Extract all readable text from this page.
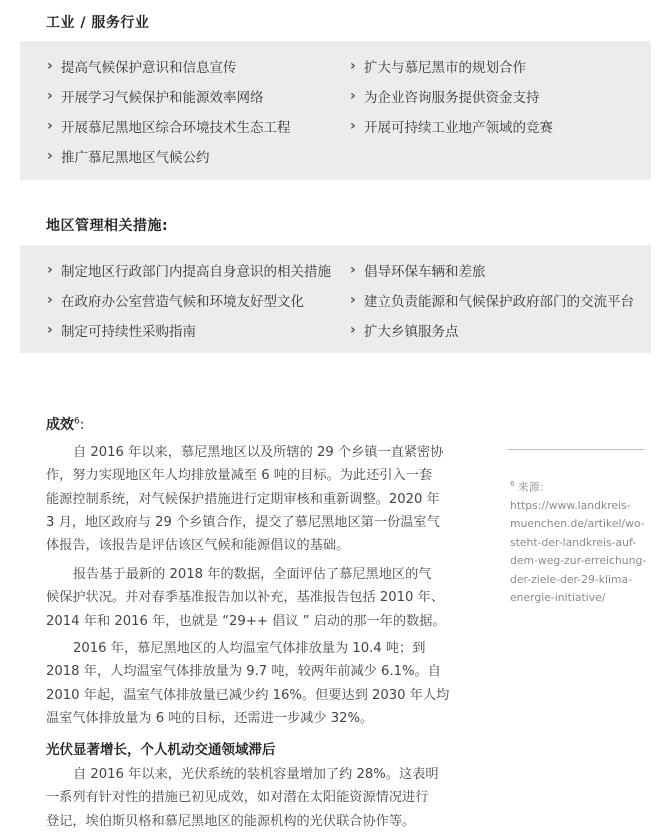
工业 / 服务行业
› 提高气候保护意识和信息宣传
› 开展学习气候保护和能源效率网络
› 开展慕尼黑地区综合环境技术生态工程
› 推广慕尼黑地区气候公约
› 扩大与慕尼黑市的规划合作
› 为企业咨询服务提供资金支持
› 开展可持续工业地产领域的竞赛
地区管理相关措施:
› 制定地区行政部门内提高自身意识的相关措施
› 在政府办公室营造气候和环境友好型文化
› 制定可持续性采购指南
› 倡导环保车辆和差旅
› 建立负责能源和气候保护政府部门的交流平台
› 扩大乡镇服务点
成效$^6$:
自 2016 年以来，慕尼黑地区以及所辖的 29 个乡镇一直紧密协
作，努力实现地区年人均排放量减至 6 吨的目标。为此还引入一套
能源控制系统，对气候保护措施进行定期审核和重新调整。2020 年
3 月，地区政府与 29 个乡镇合作，提交了慕尼黑地区第一份温室气
体报告，该报告是评估该区气候和能源倡议的基础。
报告基于最新的 2018 年的数据，全面评估了慕尼黑地区的气
候保护状况。并对春季基准报告加以补充，基准报告包括 2010 年、
2014 年和 2016 年，也就是 “29++ 倡议 ” 启动的那一年的数据。
2016 年，慕尼黑地区的人均温室气体排放量为 10.4 吨；到
2018 年，人均温室气体排放量为 9.7 吨，较两年前减少 6.1%。自
2010 年起，温室气体排放量已减少约 16%。但要达到 2030 年人均
温室气体排放量为 6 吨的目标，还需进一步减少 32%。
光伏显著增长，个人机动交通领域滞后
自 2016 年以来，光伏系统的装机容量增加了约 28%。这表明
一系列有针对性的措施已初见成效，如对潜在太阳能资源情况进行
登记，埃伯斯贝格和慕尼黑地区的能源机构的光伏联合协作等。
$^6$ 来源：
https://www.landkreis-
muenchen.de/artikel/wo-
steht-der-landkreis-auf-
dem-weg-zur-erreichung-
der-ziele-der-29-klima-
energie-initiative/
